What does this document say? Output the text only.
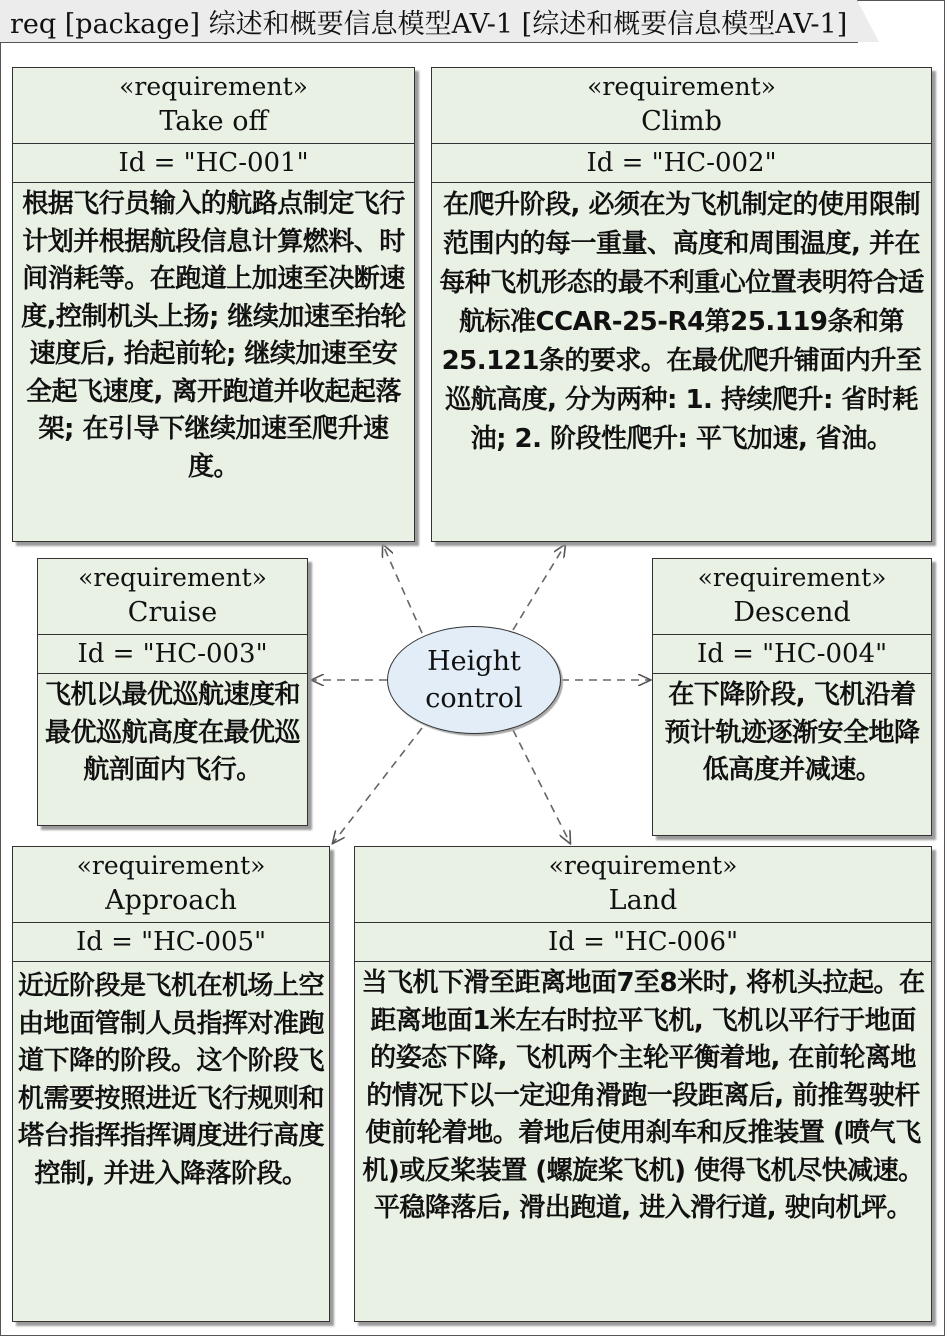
req [package] 综述和概要信息模型AV-1 [综述和概要信息模型AV-1]
«requirement»
Take off
Id = "HC-001"
根据飞行员输入的航路点制定飞行计划并根据航段信息计算燃料、时间消耗等。在跑道上加速至决断速度,控制机头上扬; 继续加速至抬轮速度后, 抬起前轮; 继续加速至安全起飞速度, 离开跑道并收起起落架; 在引导下继续加速至爬升速度。
«requirement»
Climb
Id = "HC-002"
在爬升阶段, 必须在为飞机制定的使用限制范围内的每一重量、高度和周围温度, 并在每种飞机形态的最不利重心位置表明符合适航标准CCAR-25-R4第25.119条和第25.121条的要求。在最优爬升铺面内升至巡航高度, 分为两种: 1. 持续爬升: 省时耗油; 2. 阶段性爬升: 平飞加速, 省油。
«requirement»
Cruise
Id = "HC-003"
飞机以最优巡航速度和最优巡航高度在最优巡航剖面内飞行。
«requirement»
Descend
Id = "HC-004"
在下降阶段, 飞机沿着预计轨迹逐渐安全地降低高度并减速。
«requirement»
Approach
Id = "HC-005"
近近阶段是飞机在机场上空由地面管制人员指挥对准跑道下降的阶段。这个阶段飞机需要按照进近飞行规则和塔台指挥指挥调度进行高度控制, 并进入降落阶段。
«requirement»
Land
Id = "HC-006"
当飞机下滑至距离地面7至8米时, 将机头拉起。在距离地面1米左右时拉平飞机, 飞机以平行于地面的姿态下降, 飞机两个主轮平衡着地, 在前轮离地的情况下以一定迎角滑跑一段距离后, 前推驾驶杆使前轮着地。着地后使用刹车和反推装置 (喷气飞机)或反桨装置 (螺旋桨飞机) 使得飞机尽快减速。平稳降落后, 滑出跑道, 进入滑行道, 驶向机坪。
Height
control
